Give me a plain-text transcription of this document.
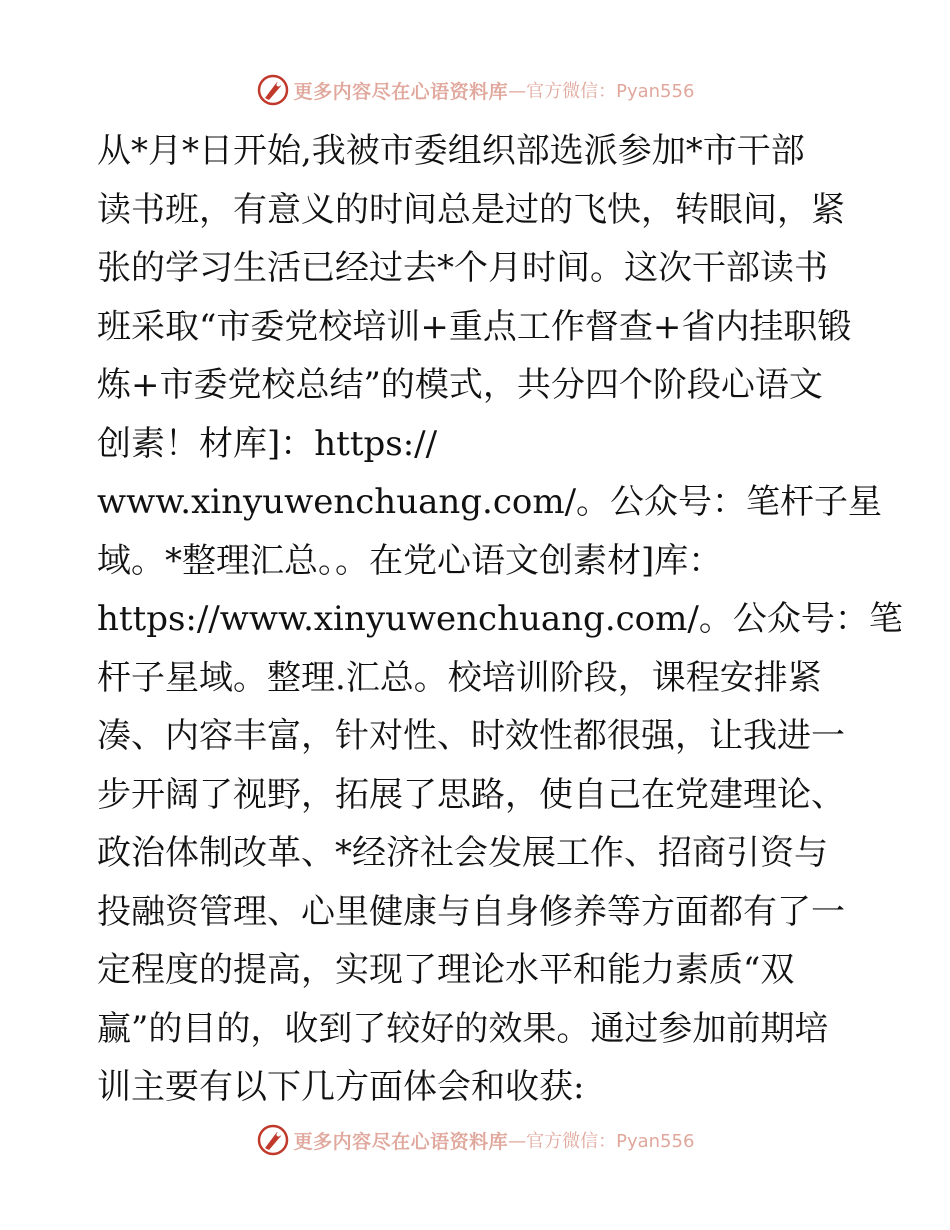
更多内容尽在心语资料库 —官方微信：Pyan556
从*月*日开始,我被市委组织部选派参加*市干部
读书班，有意义的时间总是过的飞快，转眼间，紧
张的学习生活已经过去*个月时间。这次干部读书
班采取“市委党校培训+重点工作督查+省内挂职锻
炼+市委党校总结”的模式，共分四个阶段心语文
创素！材库]：https://
www.xinyuwenchuang.com/。公众号：笔杆子星
域。*整理汇总。。在党心语文创素材]库：
https://www.xinyuwenchuang.com/。公众号：笔
杆子星域。整理.汇总。校培训阶段，课程安排紧
凑、内容丰富，针对性、时效性都很强，让我进一
步开阔了视野，拓展了思路，使自己在党建理论、
政治体制改革、*经济社会发展工作、招商引资与
投融资管理、心里健康与自身修养等方面都有了一
定程度的提高，实现了理论水平和能力素质“双
赢”的目的，收到了较好的效果。通过参加前期培
训主要有以下几方面体会和收获:
更多内容尽在心语资料库 —官方微信：Pyan556
